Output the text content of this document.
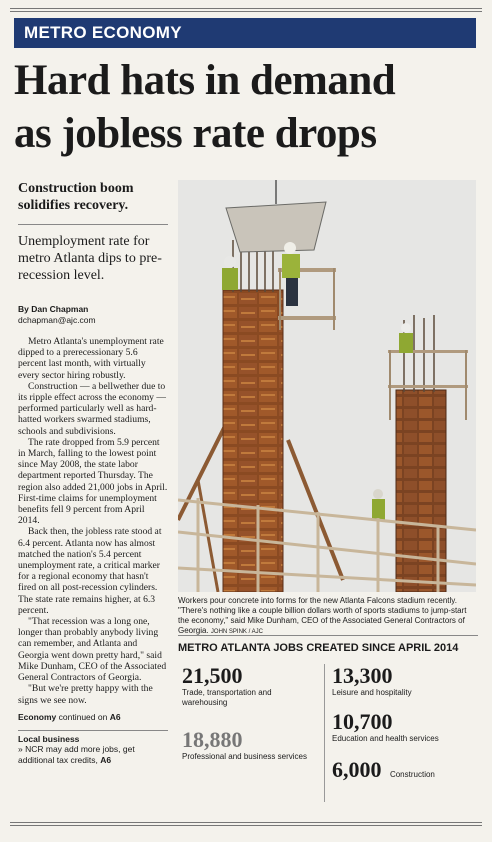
METRO ECONOMY
Hard hats in demand
as jobless rate drops

Construction boom solidifies recovery.

Unemployment rate for metro Atlanta dips to pre-recession level.

By Dan Chapman
dchapman@ajc.com

Metro Atlanta's unemployment rate dipped to a prerecessionary 5.6 percent last month, with virtually every sector hiring robustly.

Construction — a bellwether due to its ripple effect across the economy — performed particularly well as hard-hatted workers swarmed stadiums, schools and subdivisions.

The rate dropped from 5.9 percent in March, falling to the lowest point since May 2008, the state labor department reported Thursday. The region also added 21,000 jobs in April. First-time claims for unemployment benefits fell 9 percent from April 2014.

Back then, the jobless rate stood at 6.4 percent. Atlanta now has almost matched the nation's 5.4 percent unemployment rate, a critical marker for a regional economy that hasn't fired on all post-recession cylinders. The state rate remains higher, at 6.3 percent.

"That recession was a long one, longer than probably anybody living can remember, and Atlanta and Georgia went down pretty hard," said Mike Dunham, CEO of the Associated General Contractors of Georgia.

"But we're pretty happy with the signs we see now.

Economy continued on A6
Local business
» NCR may add more jobs, get additional tax credits, A6
Workers pour concrete into forms for the new Atlanta Falcons stadium recently. "There's nothing like a couple billion dollars worth of sports stadiums to jump-start the economy," said Mike Dunham, CEO of the Associated General Contractors of Georgia. JOHN SPINK / AJC
METRO ATLANTA JOBS CREATED SINCE APRIL 2014
21,500
Trade, transportation and warehousing
18,880
Professional and business services
13,300
Leisure and hospitality
10,700
Education and health services
6,000 Construction
